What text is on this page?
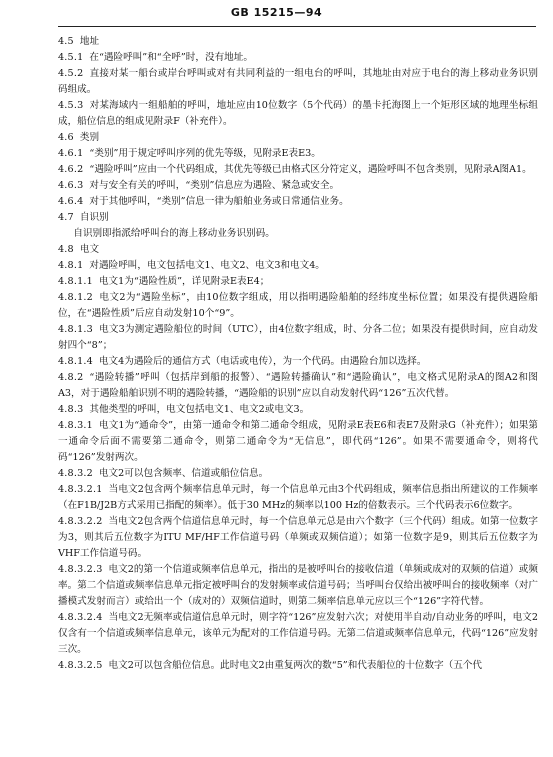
GB 15215—94
4.5 地址
4.5.1 在“遇险呼叫”和“全呼”时，没有地址。
4.5.2 直接对某一船台或岸台呼叫或对有共同利益的一组电台的呼叫，其地址由对应于电台的海上移动业务识别码组成。
4.5.3 对某海域内一组船舶的呼叫，地址应由10位数字（5个代码）的墨卡托海图上一个矩形区域的地理坐标组成，船位信息的组成见附录F（补充件）。
4.6 类别
4.6.1 “类别”用于规定呼叫序列的优先等级，见附录E表E3。
4.6.2 “遇险呼叫”应由一个代码组成，其优先等级已由格式区分符定义，遇险呼叫不包含类别，见附录A图A1。
4.6.3 对与安全有关的呼叫，“类别”信息应为遇险、紧急或安全。
4.6.4 对于其他呼叫，“类别”信息一律为船舶业务或日常通信业务。
4.7 自识别
自识别即指派给呼叫台的海上移动业务识别码。
4.8 电文
4.8.1 对遇险呼叫，电文包括电文1、电文2、电文3和电文4。
4.8.1.1 电文1为“遇险性质”，详见附录E表E4；
4.8.1.2 电文2为“遇险坐标”，由10位数字组成，用以指明遇险船舶的经纬度坐标位置；如果没有提供遇险船位，在“遇险性质”后应自动发射10个“9”。
4.8.1.3 电文3为测定遇险船位的时间（UTC），由4位数字组成，时、分各二位；如果没有提供时间，应自动发射四个“8”；
4.8.1.4 电文4为遇险后的通信方式（电话或电传），为一个代码。由遇险台加以选择。
4.8.2 “遇险转播”呼叫（包括岸到船的报警）、“遇险转播确认”和“遇险确认”，电文格式见附录A的图A2和图A3，对于遇险船舶识别不明的遇险转播，“遇险船的识别”应以自动发射代码“126”五次代替。
4.8.3 其他类型的呼叫，电文包括电文1、电文2或电文3。
4.8.3.1 电文1为“通命令”，由第一通命令和第二通命令组成，见附录E表E6和表E7及附录G（补充件）；如果第一通命令后面不需要第二通命令，则第二通命令为“无信息”，即代码“126”。如果不需要通命令，则将代码“126”发射两次。
4.8.3.2 电文2可以包含频率、信道或船位信息。
4.8.3.2.1 当电文2包含两个频率信息单元时，每一个信息单元由3个代码组成，频率信息指出所建议的工作频率（在F1B/J2B方式采用已指配的频率）。低于30 MHz的频率以100 Hz的倍数表示。三个代码表示6位数字。
4.8.3.2.2 当电文2包含两个信道信息单元时，每一个信息单元总是由六个数字（三个代码）组成。如第一位数字为3，则其后五位数字为ITU MF/HF工作信道号码（单频或双频信道）；如第一位数字是9，则其后五位数字为VHF工作信道号码。
4.8.3.2.3 电文2的第一个信道或频率信息单元，指出的是被呼叫台的接收信道（单频或成对的双频的信道）或频率。第二个信道或频率信息单元指定被呼叫台的发射频率或信道号码；当呼叫台仅给出被呼叫台的接收频率（对广播模式发射而言）或给出一个（成对的）双频信道时，则第二频率信息单元应以三个“126”字符代替。
4.8.3.2.4 当电文2无频率或信道信息单元时，则字符“126”应发射六次；对使用半自动/自动业务的呼叫，电文2仅含有一个信道或频率信息单元，该单元为配对的工作信道号码。无第二信道或频率信息单元，代码“126”应发射三次。
4.8.3.2.5 电文2可以包含船位信息。此时电文2由重复两次的数“5”和代表船位的十位数字（五个代
